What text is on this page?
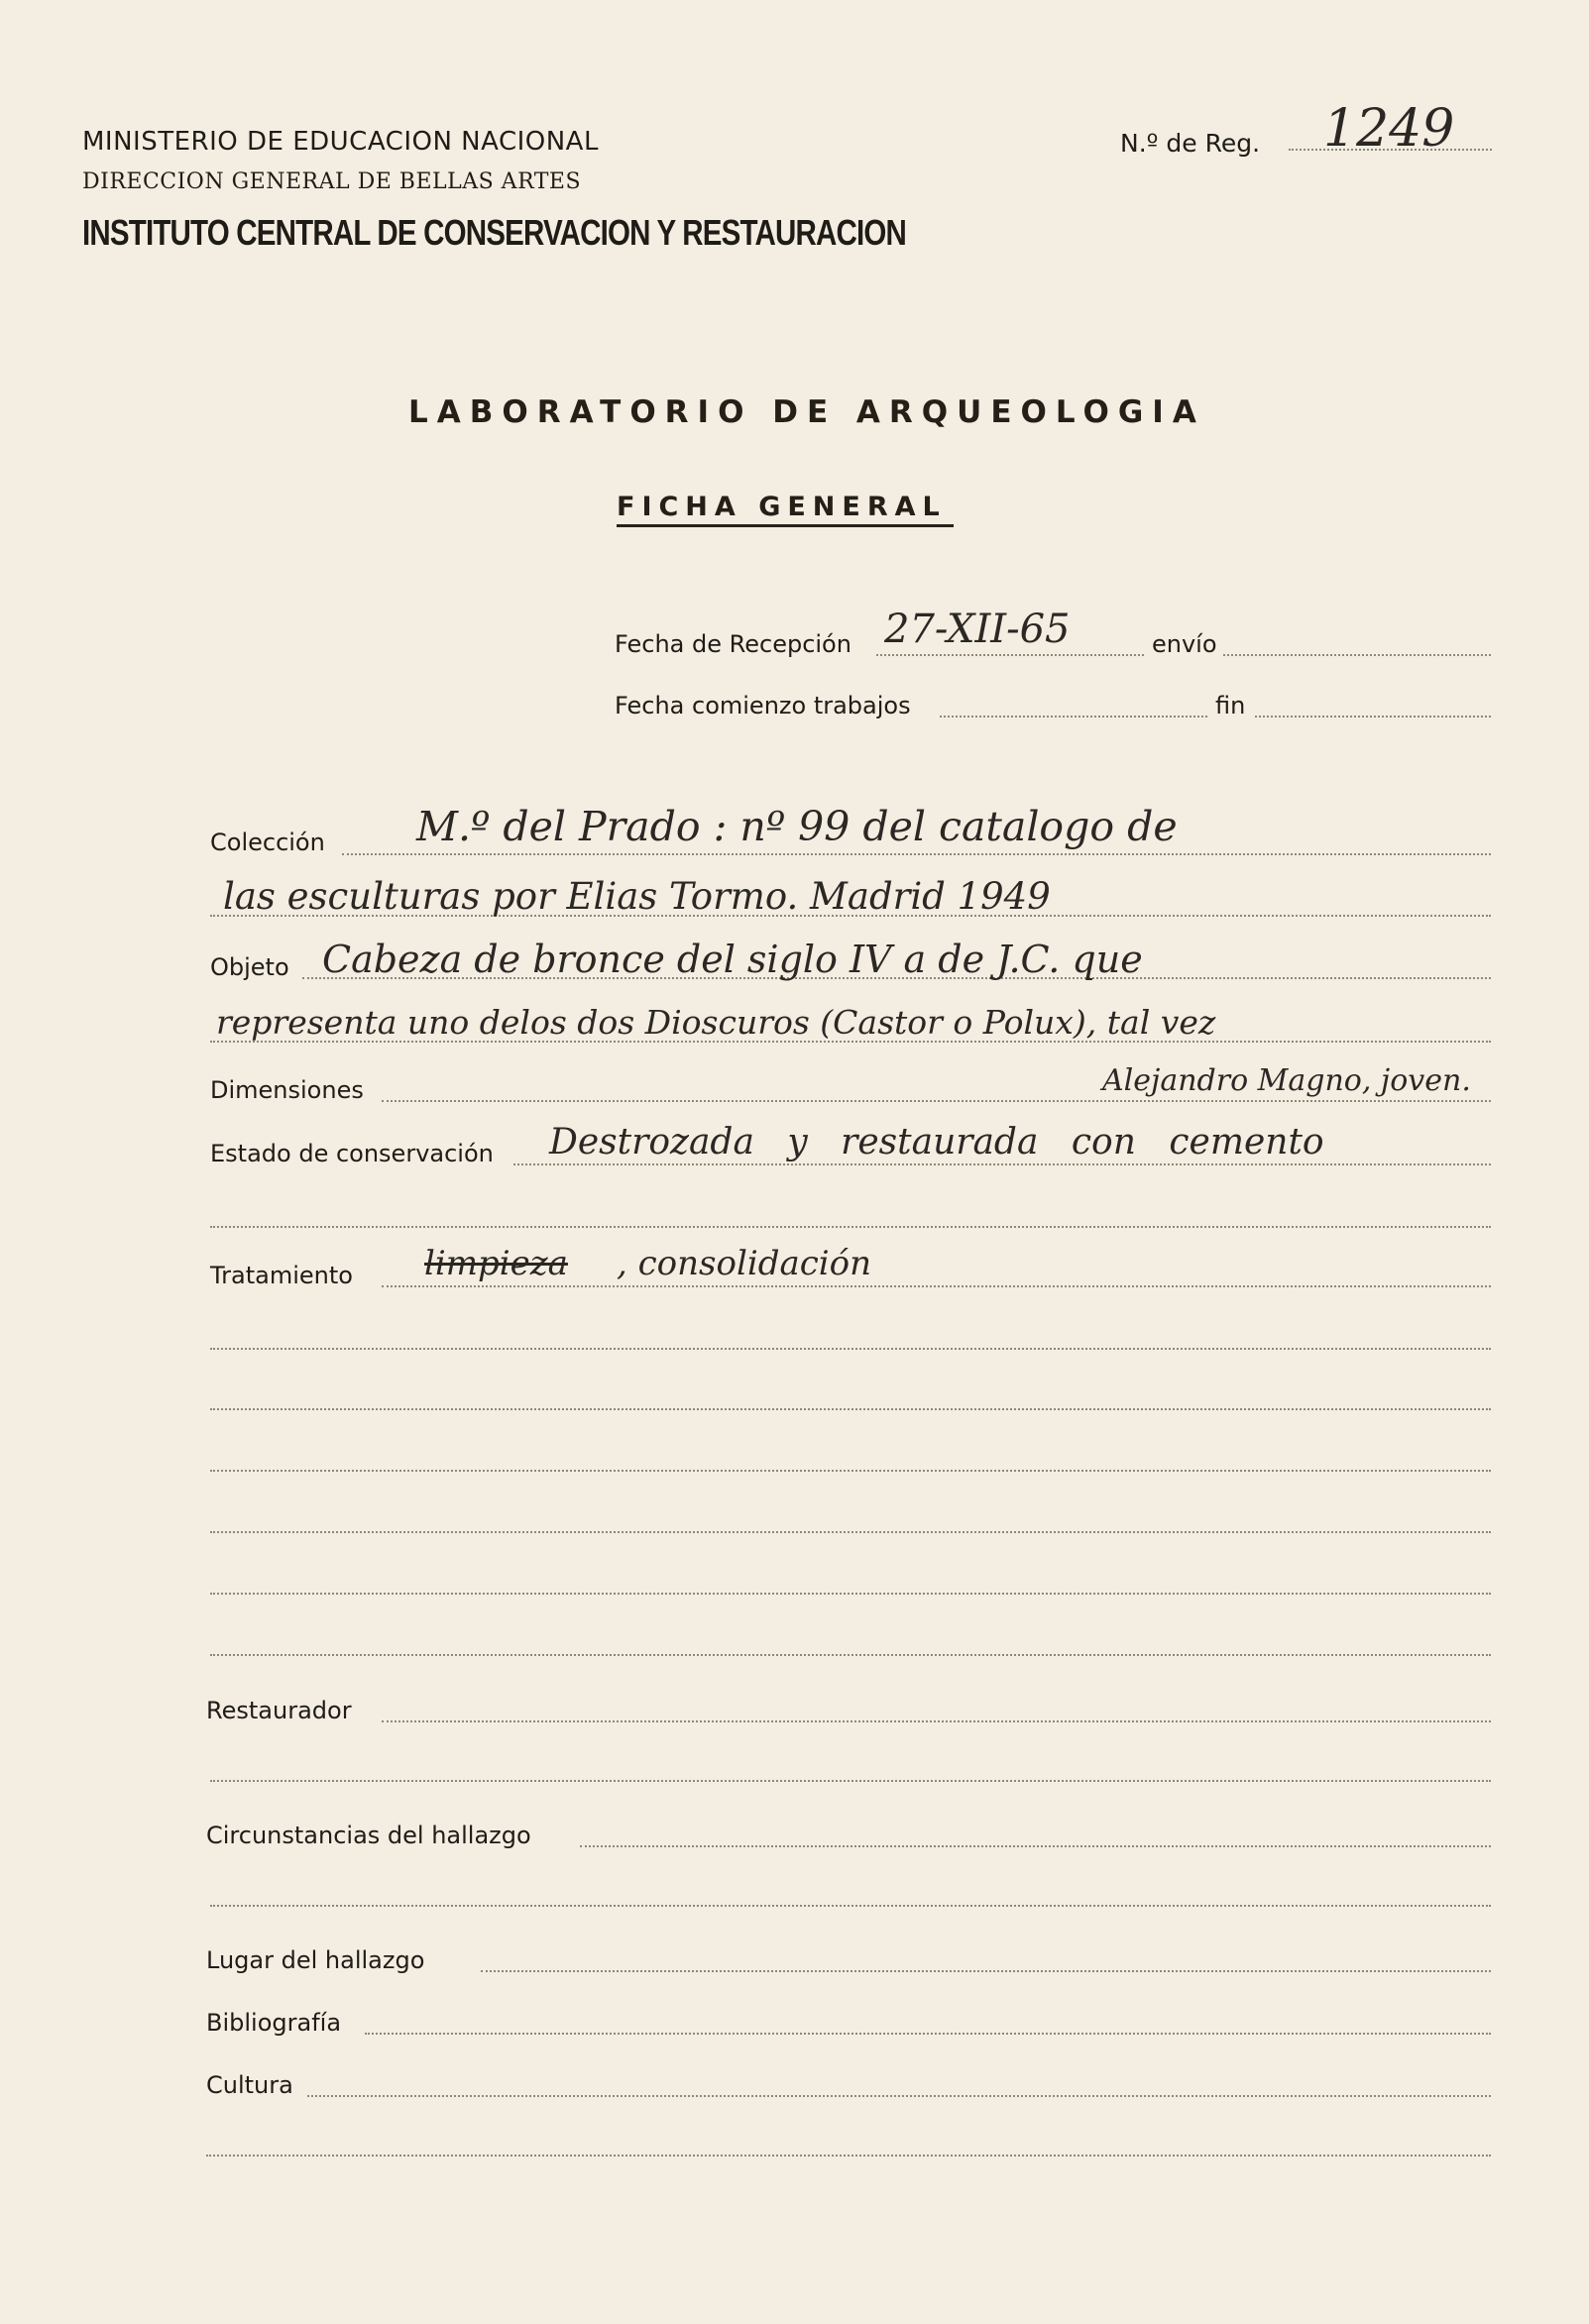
MINISTERIO DE EDUCACION NACIONAL
DIRECCION GENERAL DE BELLAS ARTES
INSTITUTO CENTRAL DE CONSERVACION Y RESTAURACION
N.º de Reg. 1249
LABORATORIO DE ARQUEOLOGIA
FICHA GENERAL
Fecha de Recepción 27-XII-65	envío
Fecha comienzo trabajos	fin
Colección M.º del Prado : nº 99 del catalogo de
las esculturas por Elias Tormo. Madrid 1949
Objeto Cabeza de bronce del siglo IV a de J.C. que
representa uno delos dos Dioscuros (Castor o Polux), tal vez
Dimensiones	Alejandro Magno, joven.
Estado de conservación Destrozada y restaurada con cemento
Tratamiento limpieza , consolidación
Restaurador
Circunstancias del hallazgo
Lugar del hallazgo
Bibliografía
Cultura
